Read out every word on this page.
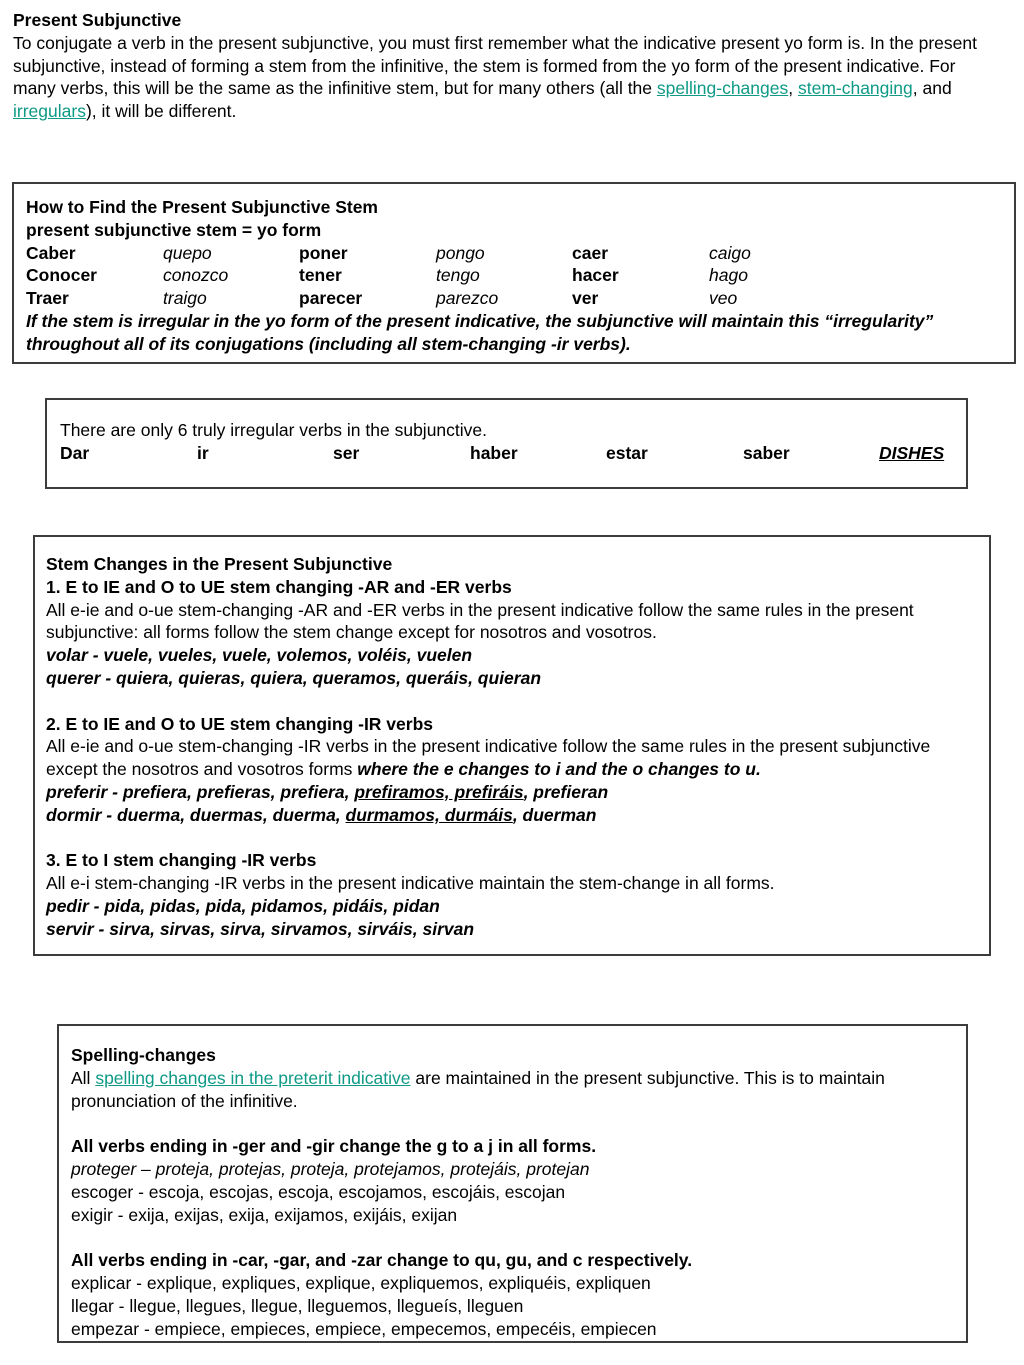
Present Subjunctive
To conjugate a verb in the present subjunctive, you must first remember what the indicative present yo form is. In the present subjunctive, instead of forming a stem from the infinitive, the stem is formed from the yo form of the present indicative. For many verbs, this will be the same as the infinitive stem, but for many others (all the spelling-changes, stem-changing, and irregulars), it will be different.
How to Find the Present Subjunctive Stem
present subjunctive stem = yo form
Caber	quepo	poner	pongo	caer	caigo
Conocer	conozco	tener	tengo	hacer	hago
Traer	traigo	parecer	parezco	ver	veo
If the stem is irregular in the yo form of the present indicative, the subjunctive will maintain this “irregularity” throughout all of its conjugations (including all stem-changing -ir verbs).
There are only 6 truly irregular verbs in the subjunctive.
Dar	ir	ser	haber	estar	saber	DISHES
Stem Changes in the Present Subjunctive
1. E to IE and O to UE stem changing -AR and -ER verbs
All e-ie and o-ue stem-changing -AR and -ER verbs in the present indicative follow the same rules in the present subjunctive: all forms follow the stem change except for nosotros and vosotros.
volar - vuele, vueles, vuele, volemos, voléis, vuelen
querer - quiera, quieras, quiera, queramos, queráis, quieran
2. E to IE and O to UE stem changing -IR verbs
All e-ie and o-ue stem-changing -IR verbs in the present indicative follow the same rules in the present subjunctive except the nosotros and vosotros forms where the e changes to i and the o changes to u.
preferir - prefiera, prefieras, prefiera, prefiramos, prefiráis, prefieran
dormir - duerma, duermas, duerma, durmamos, durmáis, duerman
3. E to I stem changing -IR verbs
All e-i stem-changing -IR verbs in the present indicative maintain the stem-change in all forms.
pedir - pida, pidas, pida, pidamos, pidáis, pidan
servir - sirva, sirvas, sirva, sirvamos, sirváis, sirvan
Spelling-changes
All spelling changes in the preterit indicative are maintained in the present subjunctive. This is to maintain pronunciation of the infinitive.
All verbs ending in -ger and -gir change the g to a j in all forms.
proteger – proteja, protejas, proteja, protejamos, protejáis, protejan
escoger - escoja, escojas, escoja, escojamos, escojáis, escojan
exigir - exija, exijas, exija, exijamos, exijáis, exijan
All verbs ending in -car, -gar, and -zar change to qu, gu, and c respectively.
explicar - explique, expliques, explique, expliquemos, expliquéis, expliquen
llegar - llegue, llegues, llegue, lleguemos, llegueís, lleguen
empezar - empiece, empieces, empiece, empecemos, empecéis, empiecen
